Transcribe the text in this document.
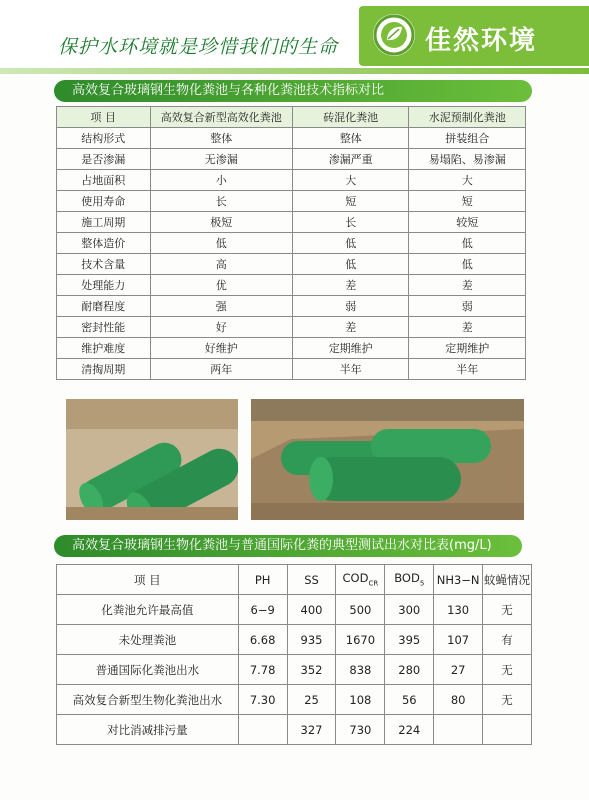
保护水环境就是珍惜我们的生命	佳然环境
高效复合玻璃钢生物化粪池与各种化粪池技术指标对比
项 目	高效复合新型高效化粪池	砖混化粪池	水泥预制化粪池
结构形式	整体	整体	拼装组合
是否渗漏	无渗漏	渗漏严重	易塌陷、易渗漏
占地面积	小	大	大
使用寿命	长	短	短
施工周期	极短	长	较短
整体造价	低	低	低
技术含量	高	低	低
处理能力	优	差	差
耐磨程度	强	弱	弱
密封性能	好	差	差
维护难度	好维护	定期维护	定期维护
清掏周期	两年	半年	半年
高效复合玻璃钢生物化粪池与普通国际化粪的典型测试出水对比表(mg/L)
项 目	PH	SS	$COD_{CR}$	$BOD_5$	NH3−N	蚊蝇情况
化粪池允许最高值	6−9	400	500	300	130	无
未处理粪池	6.68	935	1670	395	107	有
普通国际化粪池出水	7.78	352	838	280	27	无
高效复合新型生物化粪池出水	7.30	25	108	56	80	无
对比消减排污量		327	730	224		
